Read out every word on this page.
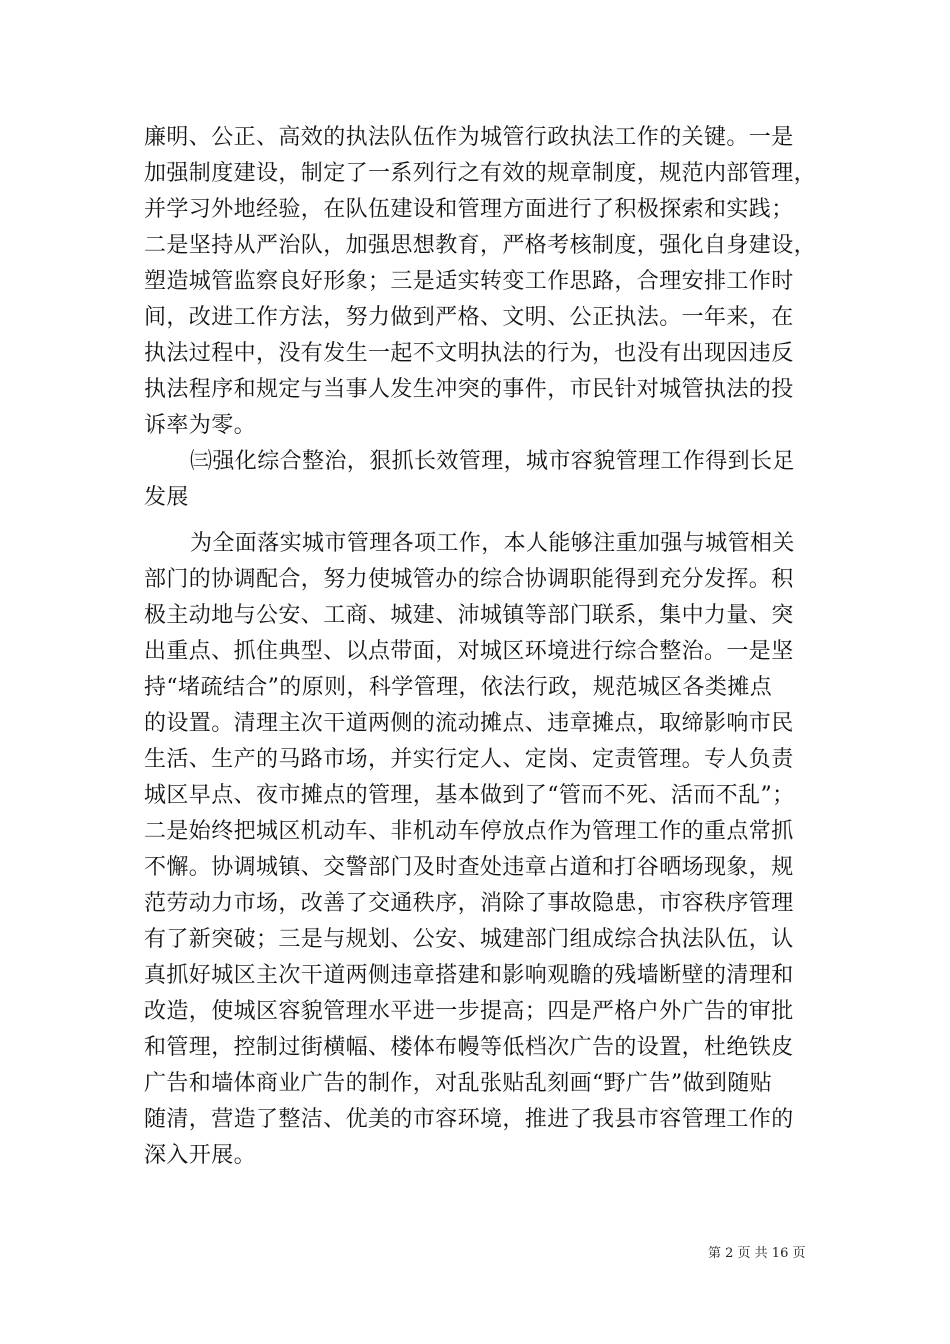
廉明、公正、高效的执法队伍作为城管行政执法工作的关键。一是
加强制度建设，制定了一系列行之有效的规章制度，规范内部管理，
并学习外地经验，在队伍建设和管理方面进行了积极探索和实践；
二是坚持从严治队，加强思想教育，严格考核制度，强化自身建设，
塑造城管监察良好形象；三是适实转变工作思路，合理安排工作时
间，改进工作方法，努力做到严格、文明、公正执法。一年来，在
执法过程中，没有发生一起不文明执法的行为，也没有出现因违反
执法程序和规定与当事人发生冲突的事件，市民针对城管执法的投
诉率为零。
㈢强化综合整治，狠抓长效管理，城市容貌管理工作得到长足
发展
为全面落实城市管理各项工作，本人能够注重加强与城管相关
部门的协调配合，努力使城管办的综合协调职能得到充分发挥。积
极主动地与公安、工商、城建、沛城镇等部门联系，集中力量、突
出重点、抓住典型、以点带面，对城区环境进行综合整治。一是坚
持“堵疏结合”的原则，科学管理，依法行政，规范城区各类摊点
的设置。清理主次干道两侧的流动摊点、违章摊点，取缔影响市民
生活、生产的马路市场，并实行定人、定岗、定责管理。专人负责
城区早点、夜市摊点的管理，基本做到了“管而不死、活而不乱”；
二是始终把城区机动车、非机动车停放点作为管理工作的重点常抓
不懈。协调城镇、交警部门及时查处违章占道和打谷晒场现象，规
范劳动力市场，改善了交通秩序，消除了事故隐患，市容秩序管理
有了新突破；三是与规划、公安、城建部门组成综合执法队伍，认
真抓好城区主次干道两侧违章搭建和影响观瞻的残墙断壁的清理和
改造，使城区容貌管理水平进一步提高；四是严格户外广告的审批
和管理，控制过街横幅、楼体布幔等低档次广告的设置，杜绝铁皮
广告和墙体商业广告的制作，对乱张贴乱刻画“野广告”做到随贴
随清，营造了整洁、优美的市容环境，推进了我县市容管理工作的
深入开展。
第 2 页 共 16 页
